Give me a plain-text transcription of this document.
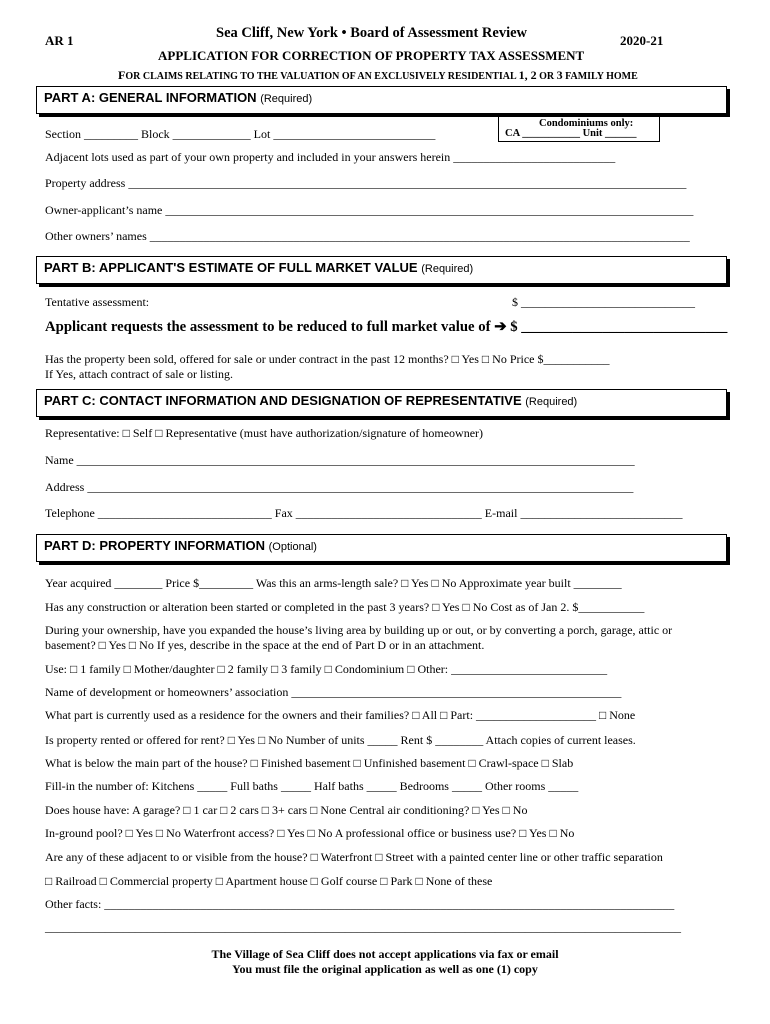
AR 1	Sea Cliff, New York • Board of Assessment Review	2020-21
APPLICATION FOR CORRECTION OF PROPERTY TAX ASSESSMENT
FOR CLAIMS RELATING TO THE VALUATION OF AN EXCLUSIVELY RESIDENTIAL 1, 2 OR 3 FAMILY HOME
PART A: GENERAL INFORMATION (Required)
Condominiums only:
CA ___________ Unit ______
Section _________ Block _____________ Lot ___________________________
Adjacent lots used as part of your own property and included in your answers herein ___________________________
Property address _____________________________________________________________________________________________
Owner-applicant’s name ________________________________________________________________________________________
Other owners’ names __________________________________________________________________________________________
PART B: APPLICANT'S ESTIMATE OF FULL MARKET VALUE (Required)
Tentative assessment:	$ _____________________________
Applicant requests the assessment to be reduced to full market value of ➔ $ ____________________________
Has the property been sold, offered for sale or under contract in the past 12 months? □ Yes □ No Price $___________
If Yes, attach contract of sale or listing.
PART C: CONTACT INFORMATION AND DESIGNATION OF REPRESENTATIVE (Required)
Representative: □ Self □ Representative (must have authorization/signature of homeowner)
Name _____________________________________________________________________________________________
Address ___________________________________________________________________________________________
Telephone _____________________________ Fax _______________________________ E-mail ___________________________
PART D: PROPERTY INFORMATION (Optional)
Year acquired ________ Price $_________ Was this an arms-length sale? □ Yes □ No Approximate year built ________
Has any construction or alteration been started or completed in the past 3 years? □ Yes □ No Cost as of Jan 2. $___________
During your ownership, have you expanded the house’s living area by building up or out, or by converting a porch, garage, attic or
basement? □ Yes □ No If yes, describe in the space at the end of Part D or in an attachment.
Use: □ 1 family □ Mother/daughter □ 2 family □ 3 family □ Condominium □ Other: __________________________
Name of development or homeowners’ association _______________________________________________________
What part is currently used as a residence for the owners and their families? □ All □ Part: ____________________ □ None
Is property rented or offered for rent? □ Yes □ No Number of units _____ Rent $ ________ Attach copies of current leases.
What is below the main part of the house? □ Finished basement □ Unfinished basement □ Crawl-space □ Slab
Fill-in the number of: Kitchens _____ Full baths _____ Half baths _____ Bedrooms _____ Other rooms _____
Does house have: A garage? □ 1 car □ 2 cars □ 3+ cars □ None Central air conditioning? □ Yes □ No
In-ground pool? □ Yes □ No Waterfront access? □ Yes □ No A professional office or business use? □ Yes □ No
Are any of these adjacent to or visible from the house? □ Waterfront □ Street with a painted center line or other traffic separation
□ Railroad □ Commercial property □ Apartment house □ Golf course □ Park □ None of these
Other facts: _______________________________________________________________________________________________
__________________________________________________________________________________________________________
The Village of Sea Cliff does not accept applications via fax or email
You must file the original application as well as one (1) copy
